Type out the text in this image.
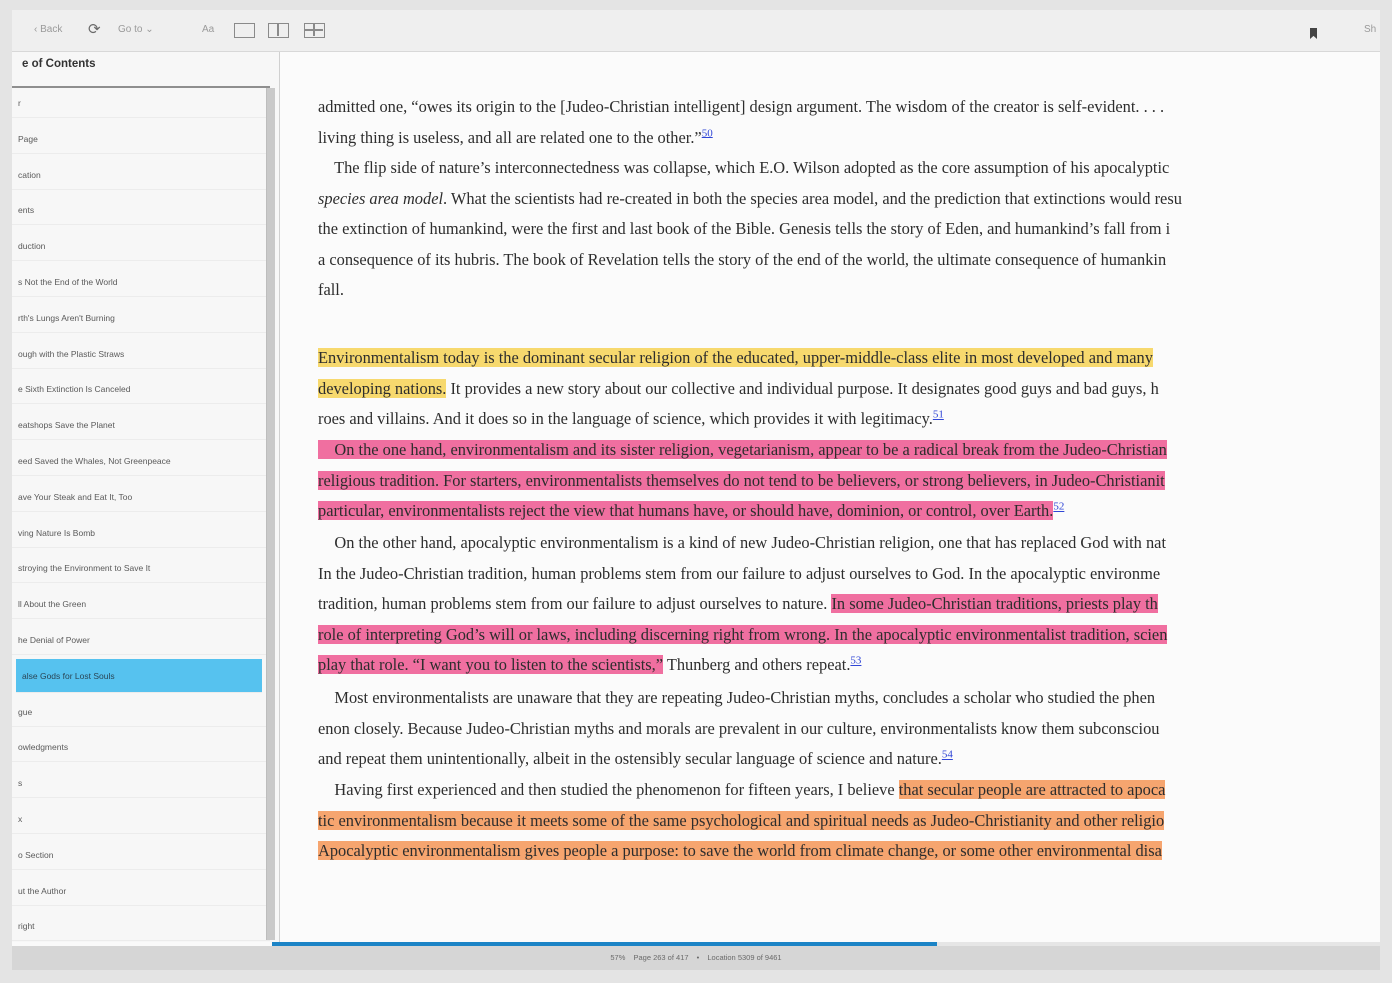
‹ Back ⟳ Go to ⌄	Aa	Sh
e of Contents
r
Page
cation
ents
duction
s Not the End of the World
rth's Lungs Aren't Burning
ough with the Plastic Straws
e Sixth Extinction Is Canceled
eatshops Save the Planet
eed Saved the Whales, Not Greenpeace
ave Your Steak and Eat It, Too
ving Nature Is Bomb
stroying the Environment to Save It
ll About the Green
he Denial of Power
alse Gods for Lost Souls
gue
owledgments
s
x
o Section
ut the Author
right
admitted one, “owes its origin to the [Judeo-Christian intelligent] design argument. The wisdom of the creator is self-evident. . . .
living thing is useless, and all are related one to the other.”$^{50}$
The flip side of nature’s interconnectedness was collapse, which E.O. Wilson adopted as the core assumption of his apocalyptic
species area model. What the scientists had re-created in both the species area model, and the prediction that extinctions would resu
the extinction of humankind, were the first and last book of the Bible. Genesis tells the story of Eden, and humankind’s fall from i
a consequence of its hubris. The book of Revelation tells the story of the end of the world, the ultimate consequence of humankin
fall.
Environmentalism today is the dominant secular religion of the educated, upper-middle-class elite in most developed and many
developing nations. It provides a new story about our collective and individual purpose. It designates good guys and bad guys, h
roes and villains. And it does so in the language of science, which provides it with legitimacy.$^{51}$
On the one hand, environmentalism and its sister religion, vegetarianism, appear to be a radical break from the Judeo-Christian
religious tradition. For starters, environmentalists themselves do not tend to be believers, or strong believers, in Judeo-Christianit
particular, environmentalists reject the view that humans have, or should have, dominion, or control, over Earth.$^{52}$
On the other hand, apocalyptic environmentalism is a kind of new Judeo-Christian religion, one that has replaced God with nat
In the Judeo-Christian tradition, human problems stem from our failure to adjust ourselves to God. In the apocalyptic environme
tradition, human problems stem from our failure to adjust ourselves to nature. In some Judeo-Christian traditions, priests play th
role of interpreting God’s will or laws, including discerning right from wrong. In the apocalyptic environmentalist tradition, scien
play that role. “I want you to listen to the scientists,” Thunberg and others repeat.$^{53}$
Most environmentalists are unaware that they are repeating Judeo-Christian myths, concludes a scholar who studied the phen
enon closely. Because Judeo-Christian myths and morals are prevalent in our culture, environmentalists know them subconsciou
and repeat them unintentionally, albeit in the ostensibly secular language of science and nature.$^{54}$
Having first experienced and then studied the phenomenon for fifteen years, I believe that secular people are attracted to apoca
tic environmentalism because it meets some of the same psychological and spiritual needs as Judeo-Christianity and other religio
Apocalyptic environmentalism gives people a purpose: to save the world from climate change, or some other environmental disa
57% Page 263 of 417 • Location 5309 of 9461
